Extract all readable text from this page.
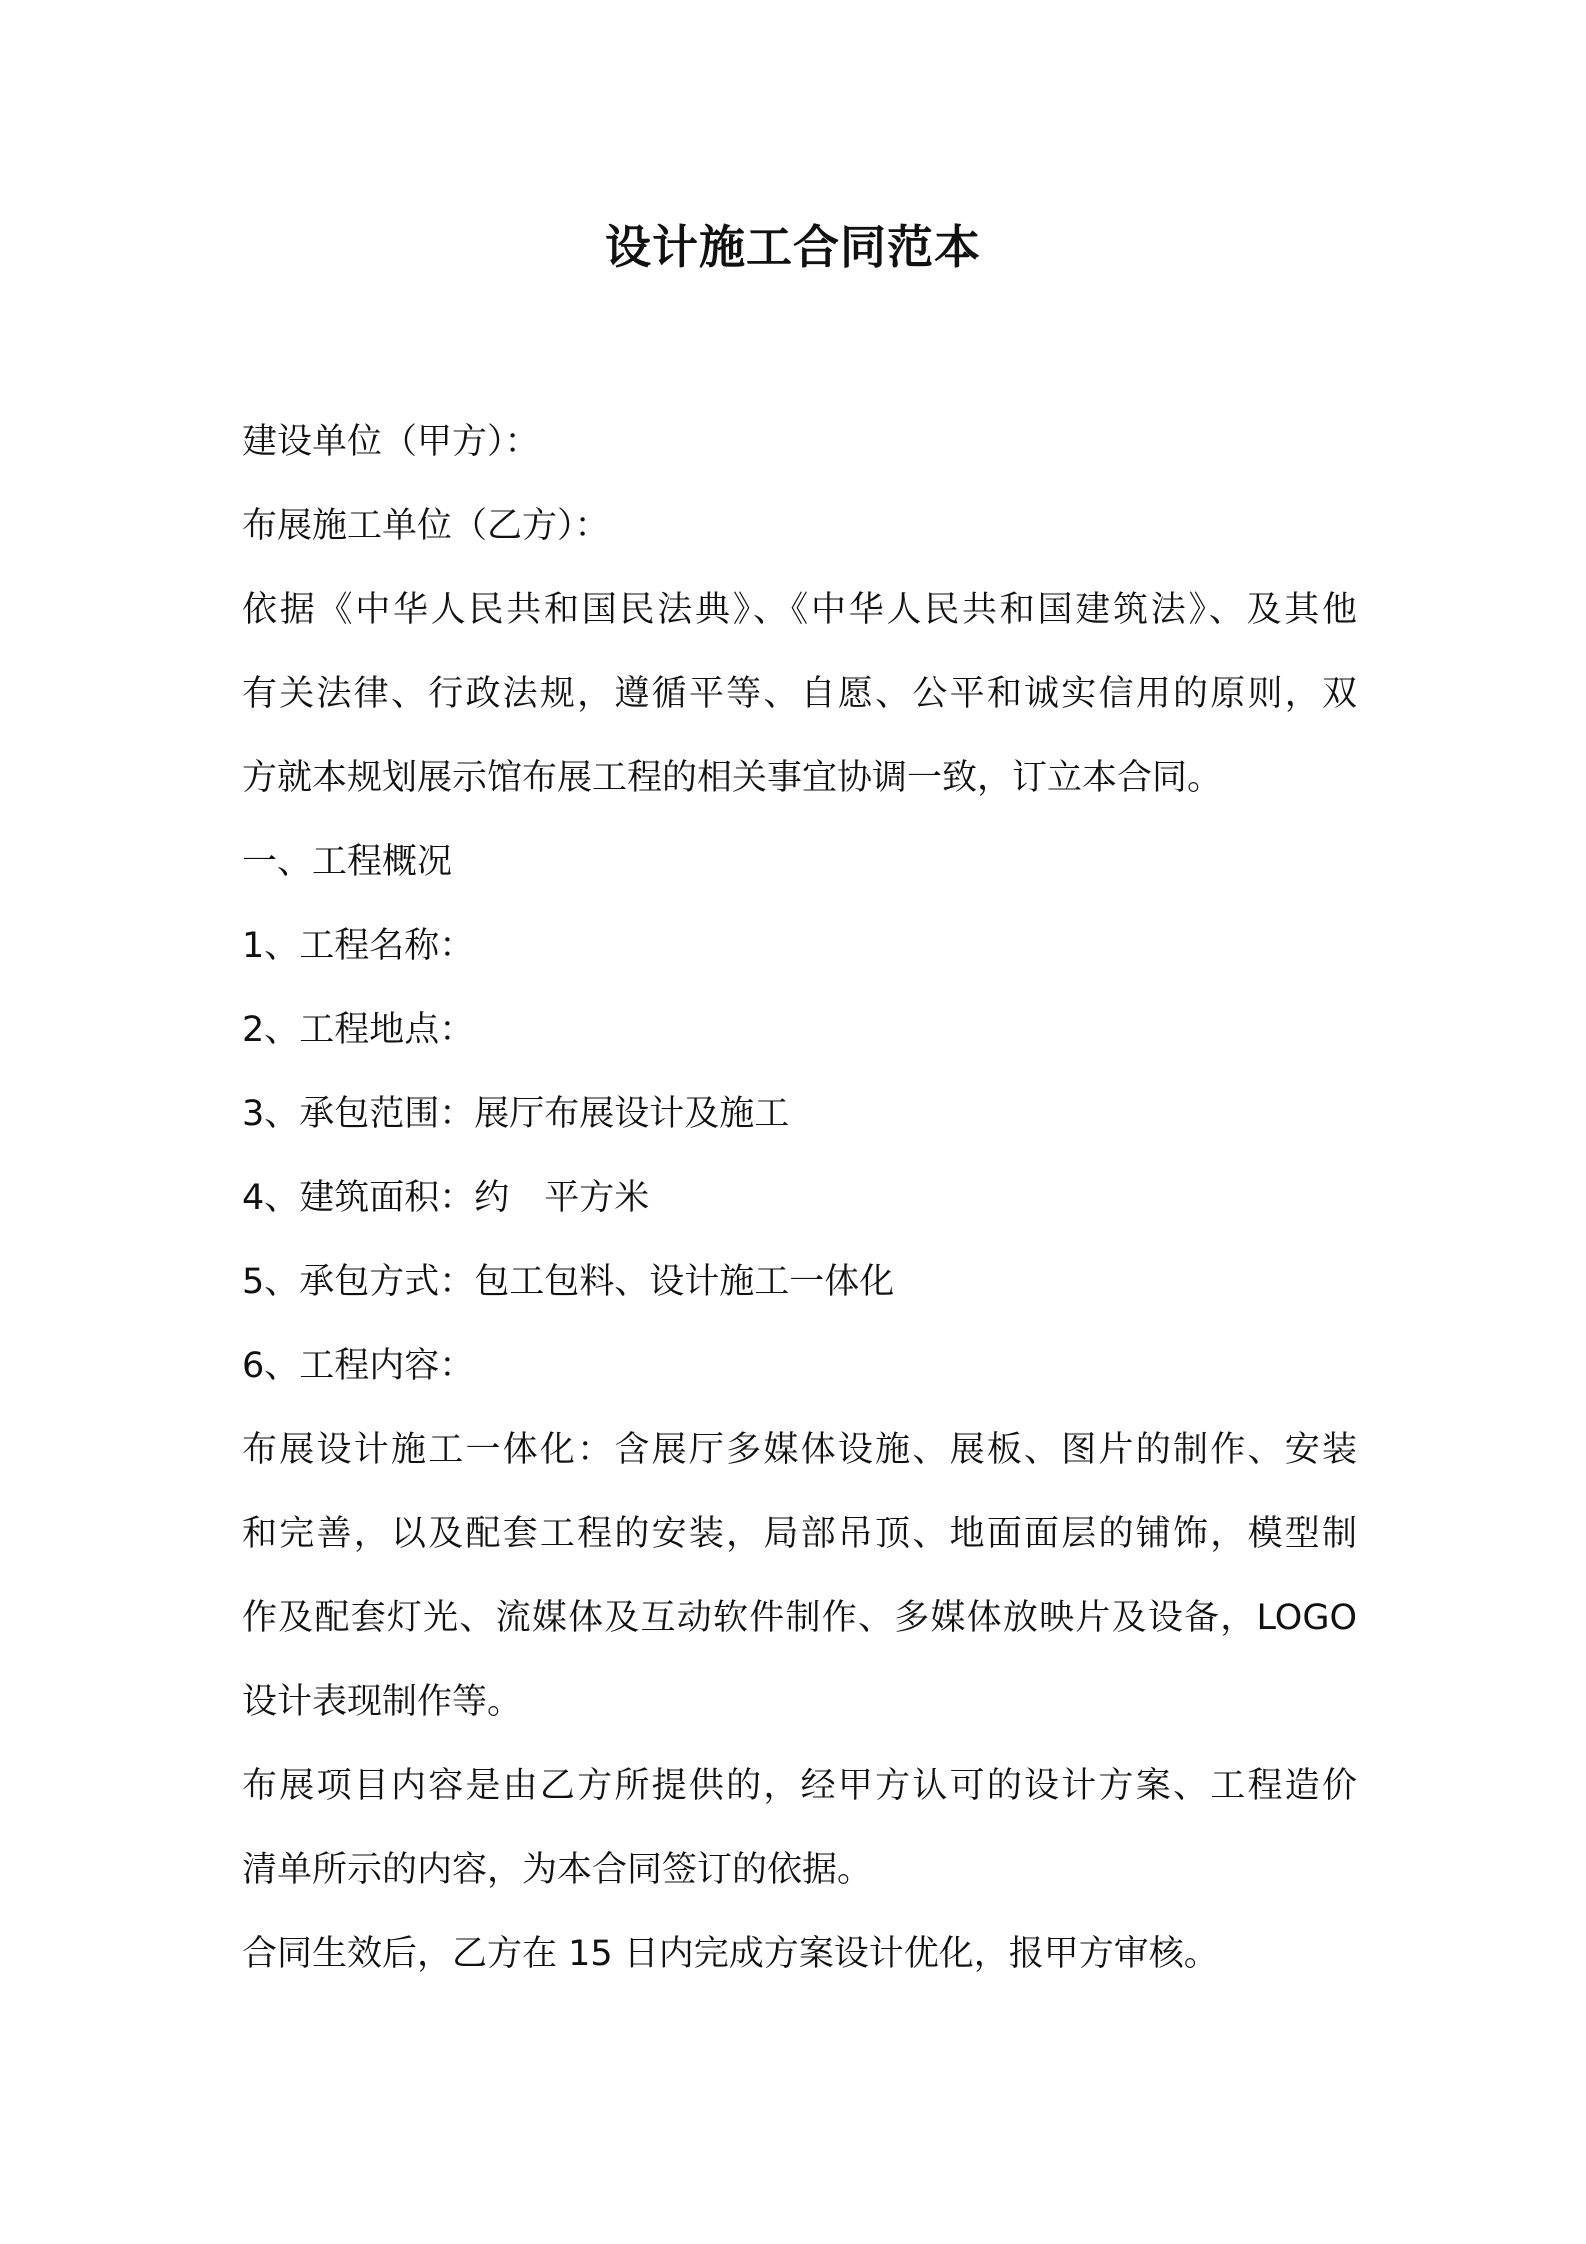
设计施工合同范本
建设单位（甲方）：
布展施工单位（乙方）：
依据《中华人民共和国民法典》、《中华人民共和国建筑法》、及其他
有关法律、行政法规，遵循平等、自愿、公平和诚实信用的原则，双
方就本规划展示馆布展工程的相关事宜协调一致，订立本合同。
一、工程概况
1、工程名称：
2、工程地点：
3、承包范围：展厅布展设计及施工
4、建筑面积：约　平方米
5、承包方式：包工包料、设计施工一体化
6、工程内容：
布展设计施工一体化：含展厅多媒体设施、展板、图片的制作、安装
和完善，以及配套工程的安装，局部吊顶、地面面层的铺饰，模型制
作及配套灯光、流媒体及互动软件制作、多媒体放映片及设备，LOGO
设计表现制作等。
布展项目内容是由乙方所提供的，经甲方认可的设计方案、工程造价
清单所示的内容，为本合同签订的依据。
合同生效后，乙方在 15 日内完成方案设计优化，报甲方审核。
